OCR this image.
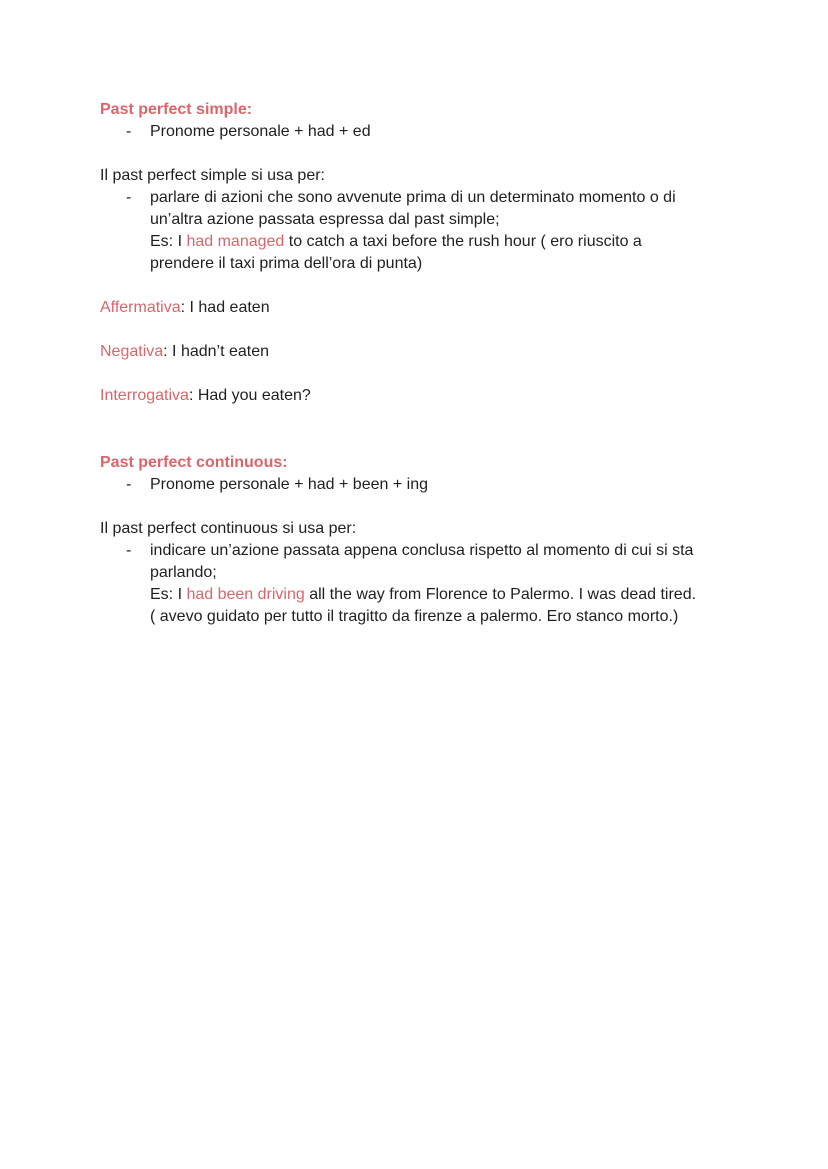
Past perfect simple:
- Pronome personale + had + ed
Il past perfect simple si usa per:
- parlare di azioni che sono avvenute prima di un determinato momento o di
un’altra azione passata espressa dal past simple;
Es: I had managed to catch a taxi before the rush hour ( ero riuscito a
prendere il taxi prima dell’ora di punta)
Affermativa: I had eaten
Negativa: I hadn’t eaten
Interrogativa: Had you eaten?
Past perfect continuous:
- Pronome personale + had + been + ing
Il past perfect continuous si usa per:
- indicare un’azione passata appena conclusa rispetto al momento di cui si sta
parlando;
Es: I had been driving all the way from Florence to Palermo. I was dead tired.
( avevo guidato per tutto il tragitto da firenze a palermo. Ero stanco morto.)
